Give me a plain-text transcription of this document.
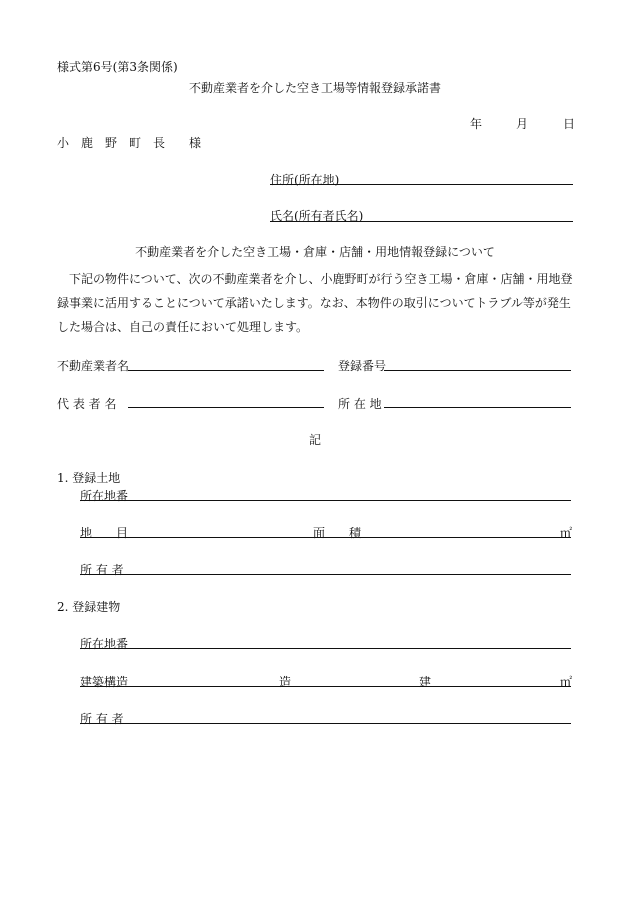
様式第6号(第3条関係)
不動産業者を介した空き工場等情報登録承諾書
年	月	日
小　鹿　野　町　長　　様
住所(所在地)
氏名(所有者氏名)
不動産業者を介した空き工場・倉庫・店舗・用地情報登録について
下記の物件について、次の不動産業者を介し、小鹿野町が行う空き工場・倉庫・店舗・用地登録事業に活用することについて承諾いたします。なお、本物件の取引についてトラブル等が発生した場合は、自己の責任において処理します。
不動産業者名	登録番号
代 表 者 名	所 在 地
記
1. 登録土地
所在地番
地　　目	面　　積	㎡
所 有 者
2. 登録建物
所在地番
建築構造	造	建	㎡
所 有 者
